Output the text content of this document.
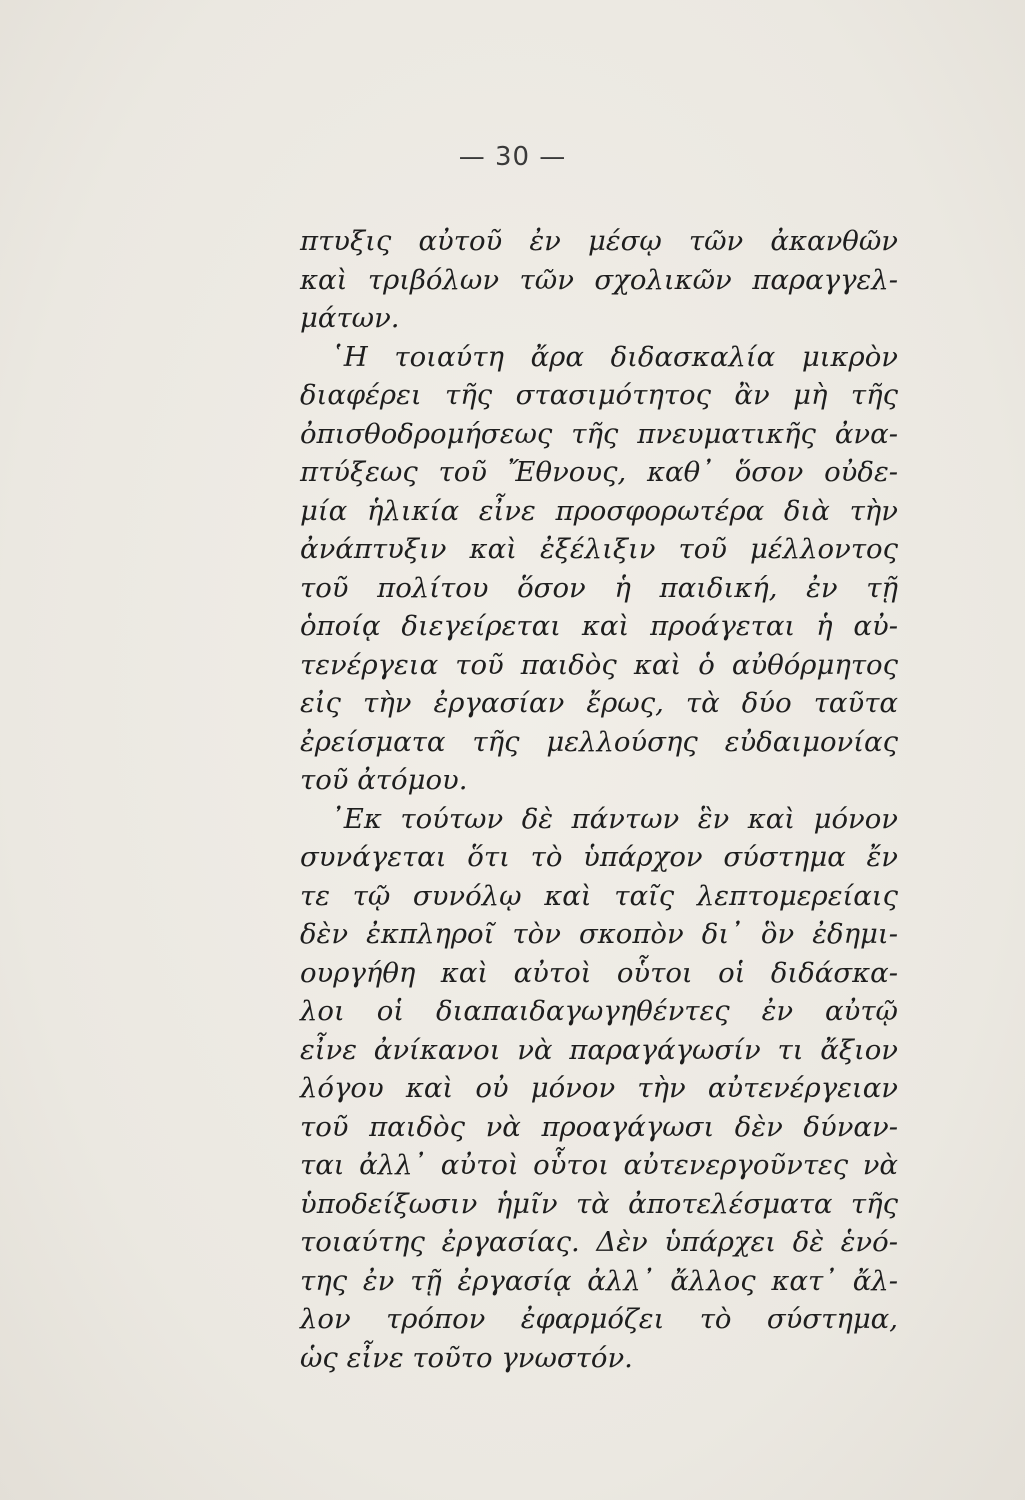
— 30 —
πτυξις αὐτοῦ ἐν μέσῳ τῶν ἀκανθῶν
καὶ τριβόλων τῶν σχολικῶν παραγγελ-
μάτων.
῾Η τοιαύτη ἄρα διδασκαλία μικρὸν
διαφέρει τῆς στασιμότητος ἂν μὴ τῆς
ὀπισθοδρομήσεως τῆς πνευματικῆς ἀνα-
πτύξεως τοῦ Ἔθνους, καθ᾿ ὅσον οὐδε-
μία ἡλικία εἶνε προσφορωτέρα διὰ τὴν
ἀνάπτυξιν καὶ ἐξέλιξιν τοῦ μέλλοντος
τοῦ πολίτου ὅσον ἡ παιδική, ἐν τῇ
ὁποίᾳ διεγείρεται καὶ προάγεται ἡ αὐ-
τενέργεια τοῦ παιδὸς καὶ ὁ αὐθόρμητος
εἰς τὴν ἐργασίαν ἔρως, τὰ δύο ταῦτα
ἐρείσματα τῆς μελλούσης εὐδαιμονίας
τοῦ ἀτόμου.
᾿Εκ τούτων δὲ πάντων ἓν καὶ μόνον
συνάγεται ὅτι τὸ ὑπάρχον σύστημα ἔν
τε τῷ συνόλῳ καὶ ταῖς λεπτομερείαις
δὲν ἐκπληροῖ τὸν σκοπὸν δι᾿ ὃν ἐδημι-
ουργήθη καὶ αὐτοὶ οὗτοι οἱ διδάσκα-
λοι οἱ διαπαιδαγωγηθέντες ἐν αὐτῷ
εἶνε ἀνίκανοι νὰ παραγάγωσίν τι ἄξιον
λόγου καὶ οὐ μόνον τὴν αὐτενέργειαν
τοῦ παιδὸς νὰ προαγάγωσι δὲν δύναν-
ται ἀλλ᾿ αὐτοὶ οὗτοι αὐτενεργοῦντες νὰ
ὑποδείξωσιν ἡμῖν τὰ ἀποτελέσματα τῆς
τοιαύτης ἐργασίας. Δὲν ὑπάρχει δὲ ἑνό-
της ἐν τῇ ἐργασίᾳ ἀλλ᾿ ἄλλος κατ᾿ ἄλ-
λον τρόπον ἐφαρμόζει τὸ σύστημα,
ὡς εἶνε τοῦτο γνωστόν.
